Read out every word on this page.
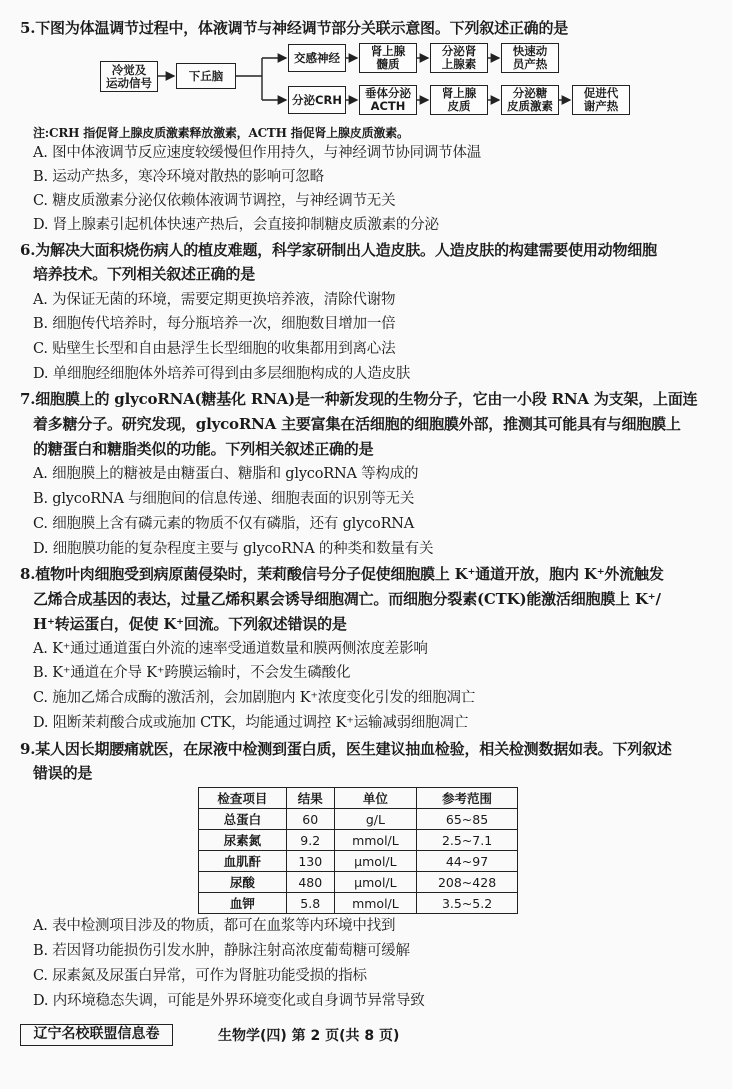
5.下图为体温调节过程中，体液调节与神经调节部分关联示意图。下列叙述正确的是
冷觉及
运动信号	下丘脑
交感神经	肾上腺
髓质
分泌肾
上腺素
快速动
员产热
分泌CRH	垂体分泌
ACTH
肾上腺
皮质
分泌糖
皮质激素
促进代
谢产热
注:CRH 指促肾上腺皮质激素释放激素，ACTH 指促肾上腺皮质激素。
A. 图中体液调节反应速度较缓慢但作用持久，与神经调节协同调节体温
B. 运动产热多，寒冷环境对散热的影响可忽略
C. 糖皮质激素分泌仅依赖体液调节调控，与神经调节无关
D. 肾上腺素引起机体快速产热后，会直接抑制糖皮质激素的分泌
6.为解决大面积烧伤病人的植皮难题，科学家研制出人造皮肤。人造皮肤的构建需要使用动物细胞
培养技术。下列相关叙述正确的是
A. 为保证无菌的环境，需要定期更换培养液，清除代谢物
B. 细胞传代培养时，每分瓶培养一次，细胞数目增加一倍
C. 贴壁生长型和自由悬浮生长型细胞的收集都用到离心法
D. 单细胞经细胞体外培养可得到由多层细胞构成的人造皮肤
7.细胞膜上的 glycoRNA(糖基化 RNA)是一种新发现的生物分子，它由一小段 RNA 为支架，上面连
着多糖分子。研究发现，glycoRNA 主要富集在活细胞的细胞膜外部，推测其可能具有与细胞膜上
的糖蛋白和糖脂类似的功能。下列相关叙述正确的是
A. 细胞膜上的糖被是由糖蛋白、糖脂和 glycoRNA 等构成的
B. glycoRNA 与细胞间的信息传递、细胞表面的识别等无关
C. 细胞膜上含有磷元素的物质不仅有磷脂，还有 glycoRNA
D. 细胞膜功能的复杂程度主要与 glycoRNA 的种类和数量有关
8.植物叶肉细胞受到病原菌侵染时，茉莉酸信号分子促使细胞膜上 K⁺通道开放，胞内 K⁺外流触发
乙烯合成基因的表达，过量乙烯积累会诱导细胞凋亡。而细胞分裂素(CTK)能激活细胞膜上 K⁺/
H⁺转运蛋白，促使 K⁺回流。下列叙述错误的是
A. K⁺通过通道蛋白外流的速率受通道数量和膜两侧浓度差影响
B. K⁺通道在介导 K⁺跨膜运输时，不会发生磷酸化
C. 施加乙烯合成酶的激活剂，会加剧胞内 K⁺浓度变化引发的细胞凋亡
D. 阻断茉莉酸合成或施加 CTK，均能通过调控 K⁺运输减弱细胞凋亡
9.某人因长期腰痛就医，在尿液中检测到蛋白质，医生建议抽血检验，相关检测数据如表。下列叙述
错误的是
检查项目	结果	单位	参考范围
总蛋白	60	g/L	65~85
尿素氮	9.2	mmol/L	2.5~7.1
血肌酐	130	μmol/L	44~97
尿酸	480	μmol/L	208~428
血钾	5.8	mmol/L	3.5~5.2
A. 表中检测项目涉及的物质，都可在血浆等内环境中找到
B. 若因肾功能损伤引发水肿，静脉注射高浓度葡萄糖可缓解
C. 尿素氮及尿蛋白异常，可作为肾脏功能受损的指标
D. 内环境稳态失调，可能是外界环境变化或自身调节异常导致
辽宁名校联盟信息卷	生物学(四) 第 2 页(共 8 页)
